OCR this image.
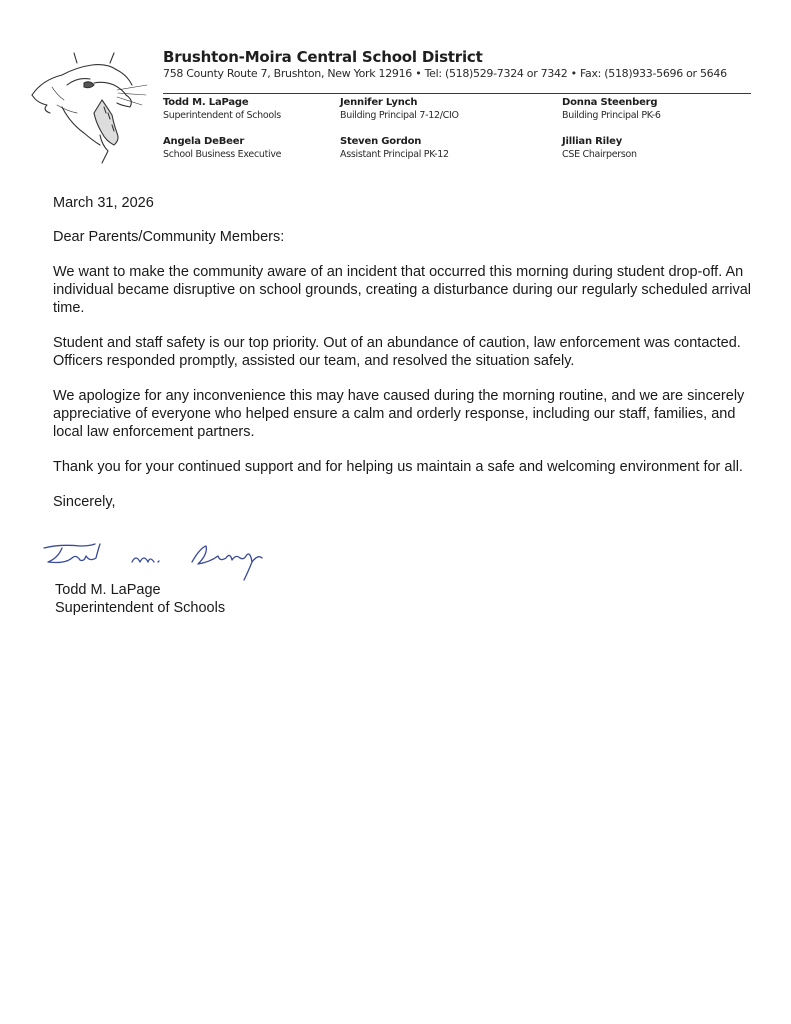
Brushton-Moira Central School District
758 County Route 7, Brushton, New York 12916 • Tel: (518)529-7324 or 7342 • Fax: (518)933-5696 or 5646
Todd M. LaPage
Superintendent of Schools
Angela DeBeer
School Business Executive
Jennifer Lynch
Building Principal 7-12/CIO
Steven Gordon
Assistant Principal PK-12
Donna Steenberg
Building Principal PK-6
Jillian Riley
CSE Chairperson

March 31, 2026

Dear Parents/Community Members:

We want to make the community aware of an incident that occurred this morning during student drop-off. An individual became disruptive on school grounds, creating a disturbance during our regularly scheduled arrival time.

Student and staff safety is our top priority. Out of an abundance of caution, law enforcement was contacted. Officers responded promptly, assisted our team, and resolved the situation safely.

We apologize for any inconvenience this may have caused during the morning routine, and we are sincerely appreciative of everyone who helped ensure a calm and orderly response, including our staff, families, and local law enforcement partners.

Thank you for your continued support and for helping us maintain a safe and welcoming environment for all.

Sincerely,

Todd M. LaPage
Superintendent of Schools
